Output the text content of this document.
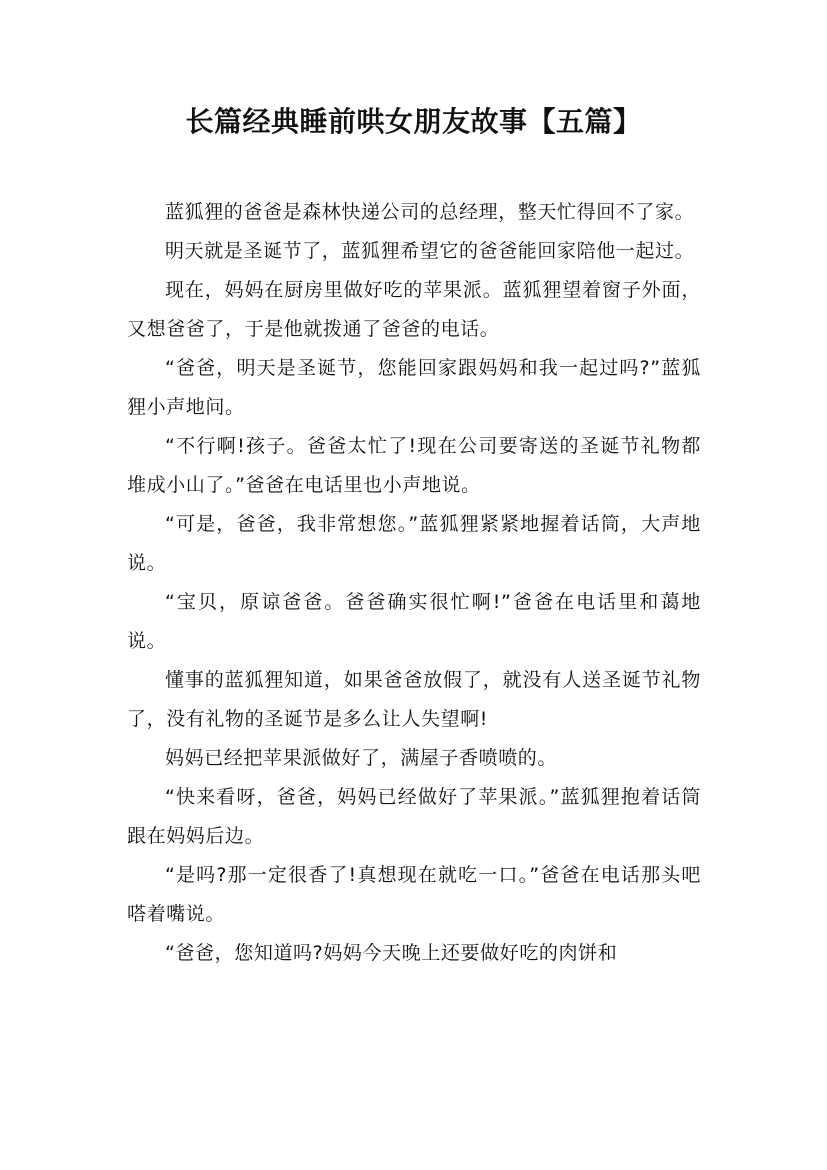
长篇经典睡前哄女朋友故事【五篇】

蓝狐狸的爸爸是森林快递公司的总经理，整天忙得回不了家。

明天就是圣诞节了，蓝狐狸希望它的爸爸能回家陪他一起过。

现在，妈妈在厨房里做好吃的苹果派。蓝狐狸望着窗子外面，又想爸爸了，于是他就拨通了爸爸的电话。

“爸爸，明天是圣诞节，您能回家跟妈妈和我一起过吗?”蓝狐狸小声地问。

“不行啊!孩子。爸爸太忙了!现在公司要寄送的圣诞节礼物都堆成小山了。”爸爸在电话里也小声地说。

“可是，爸爸，我非常想您。”蓝狐狸紧紧地握着话筒，大声地说。

“宝贝，原谅爸爸。爸爸确实很忙啊!”爸爸在电话里和蔼地说。

懂事的蓝狐狸知道，如果爸爸放假了，就没有人送圣诞节礼物了，没有礼物的圣诞节是多么让人失望啊!

妈妈已经把苹果派做好了，满屋子香喷喷的。

“快来看呀，爸爸，妈妈已经做好了苹果派。”蓝狐狸抱着话筒跟在妈妈后边。

“是吗?那一定很香了!真想现在就吃一口。”爸爸在电话那头吧嗒着嘴说。

“爸爸，您知道吗?妈妈今天晚上还要做好吃的肉饼和
